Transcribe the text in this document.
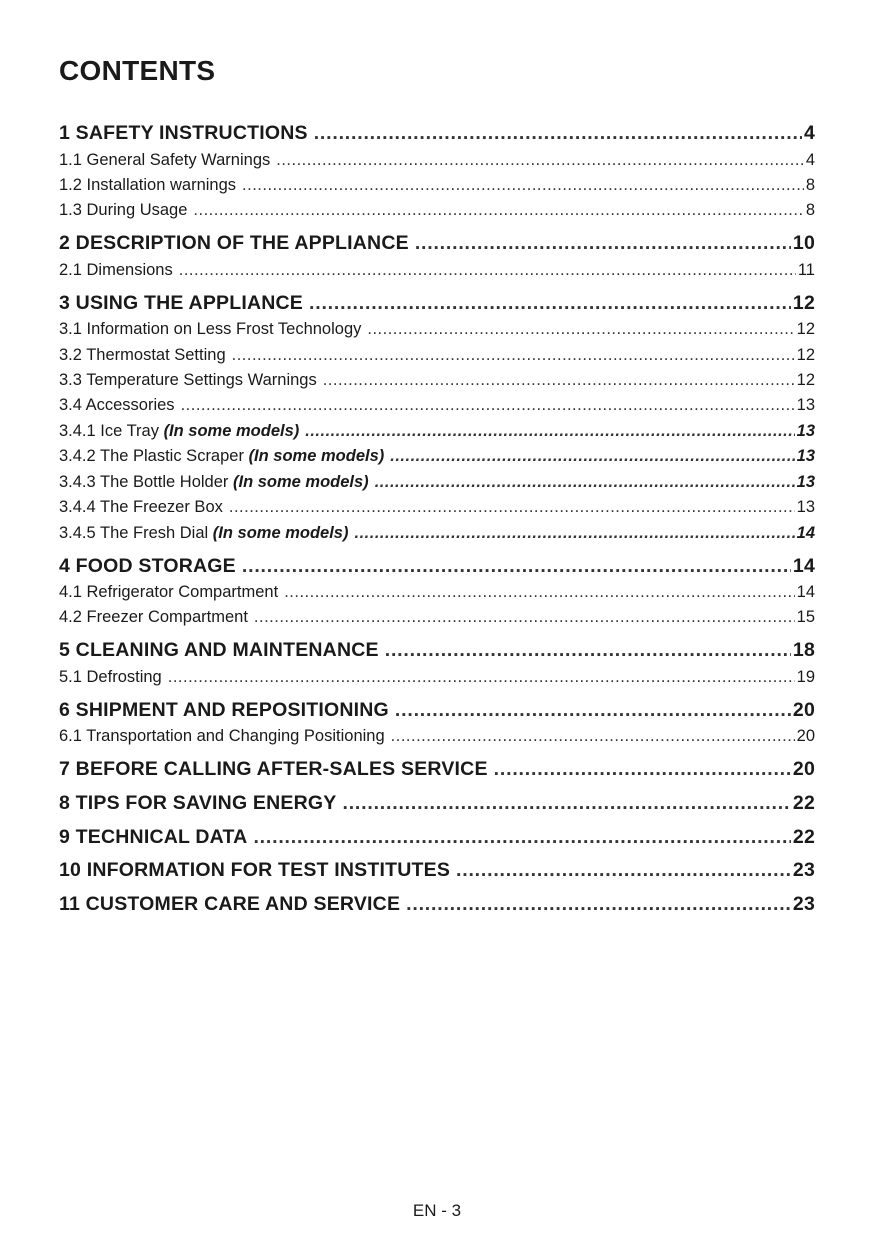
CONTENTS
1 SAFETY INSTRUCTIONS .....	4
1.1 General Safety Warnings .....	4
1.2 Installation warnings .....	8
1.3 During Usage .....	8
2 DESCRIPTION OF THE APPLIANCE .....	10
2.1 Dimensions .....	11
3 USING THE APPLIANCE .....	12
3.1 Information on Less Frost Technology .....	12
3.2 Thermostat Setting .....	12
3.3 Temperature Settings Warnings .....	12
3.4 Accessories .....	13
3.4.1 Ice Tray (In some models) .....	13
3.4.2 The Plastic Scraper (In some models) .....	13
3.4.3 The Bottle Holder (In some models) .....	13
3.4.4 The Freezer Box .....	13
3.4.5 The Fresh Dial (In some models) .....	14
4 FOOD STORAGE .....	14
4.1 Refrigerator Compartment .....	14
4.2 Freezer Compartment .....	15
5 CLEANING AND MAINTENANCE .....	18
5.1 Defrosting .....	19
6 SHIPMENT AND REPOSITIONING .....	20
6.1 Transportation and Changing Positioning .....	20
7 BEFORE CALLING AFTER-SALES SERVICE .....	20
8 TIPS FOR SAVING ENERGY .....	22
9 TECHNICAL DATA .....	22
10 INFORMATION FOR TEST INSTITUTES .....	23
11 CUSTOMER CARE AND SERVICE .....	23
EN - 3
